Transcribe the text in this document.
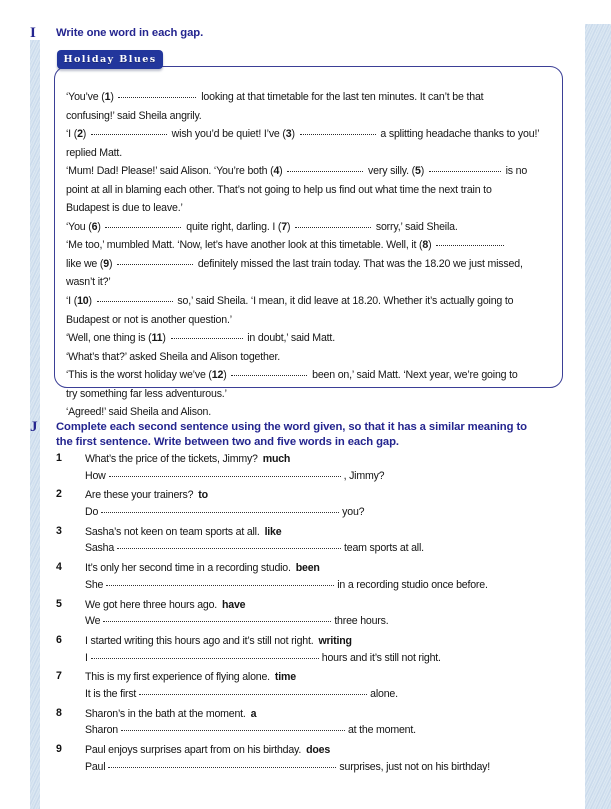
I Write one word in each gap.
Holiday Blues

‘You’ve (1)	looking at that timetable for the last ten minutes. It can’t be that

confusing!’ said Sheila angrily.

‘I (2)	wish you’d be quiet! I’ve (3)	a splitting headache thanks to you!’

replied Matt.

‘Mum! Dad! Please!’ said Alison. ‘You’re both (4)	very silly. (5)	is no

point at all in blaming each other. That’s not going to help us find out what time the next train to

Budapest is due to leave.’

‘You (6)	quite right, darling. I (7)	sorry,’ said Sheila.

‘Me too,’ mumbled Matt. ‘Now, let’s have another look at this timetable. Well, it (8)

like we (9)	definitely missed the last train today. That was the 18.20 we just missed,

wasn’t it?’

‘I (10)	so,’ said Sheila. ‘I mean, it did leave at 18.20. Whether it’s actually going to

Budapest or not is another question.’

‘Well, one thing is (11)	in doubt,’ said Matt.

‘What’s that?’ asked Sheila and Alison together.

‘This is the worst holiday we’ve (12)	been on,’ said Matt. ‘Next year, we’re going to

try something far less adventurous.’

‘Agreed!’ said Sheila and Alison.

J Complete each second sentence using the word given, so that it has a similar meaning to the first sentence. Write between two and five words in each gap.
1	What’s the price of the tickets, Jimmy? much
How	, Jimmy?
2	Are these your trainers? to
Do	you?
3	Sasha’s not keen on team sports at all. like
Sasha	team sports at all.
4	It’s only her second time in a recording studio. been
She	in a recording studio once before.
5	We got here three hours ago. have
We	three hours.
6	I started writing this hours ago and it’s still not right. writing
I	hours and it’s still not right.
7	This is my first experience of flying alone. time
It is the first	alone.
8	Sharon’s in the bath at the moment. a
Sharon	at the moment.
9	Paul enjoys surprises apart from on his birthday. does
Paul	surprises, just not on his birthday!
